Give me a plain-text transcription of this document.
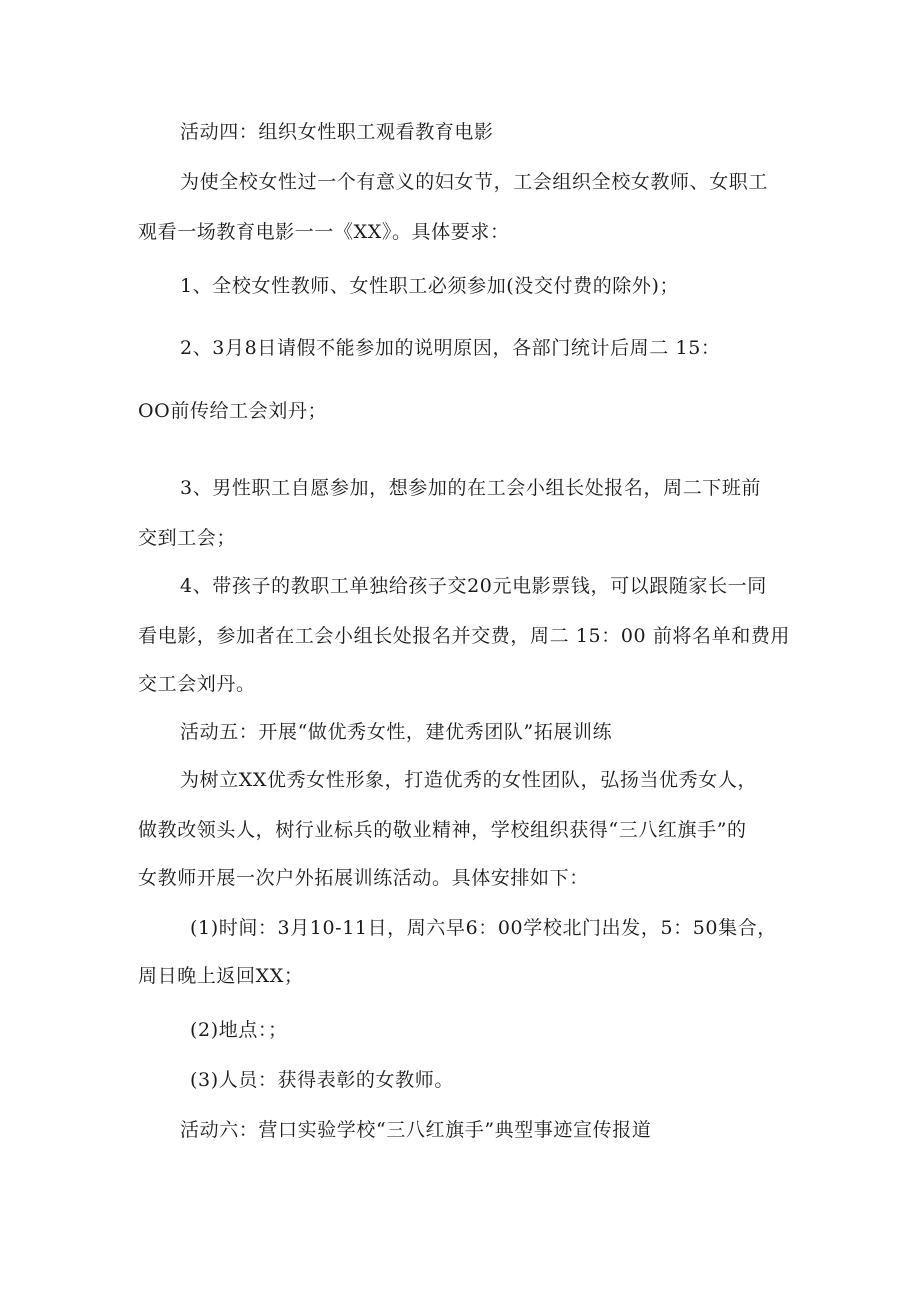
活动四：组织女性职工观看教育电影

为使全校女性过一个有意义的妇女节，工会组织全校女教师、女职工

观看一场教育电影一一《XX》。具体要求：

1、全校女性教师、女性职工必须参加(没交付费的除外)；

2、3月8日请假不能参加的说明原因，各部门统计后周二 15：

OO前传给工会刘丹；

3、男性职工自愿参加，想参加的在工会小组长处报名，周二下班前

交到工会；

4、带孩子的教职工单独给孩子交20元电影票钱，可以跟随家长一同

看电影，参加者在工会小组长处报名并交费，周二 15：00 前将名单和费用

交工会刘丹。

活动五：开展“做优秀女性，建优秀团队”拓展训练

为树立XX优秀女性形象，打造优秀的女性团队，弘扬当优秀女人，

做教改领头人，树行业标兵的敬业精神，学校组织获得“三八红旗手”的

女教师开展一次户外拓展训练活动。具体安排如下：

(1)时间：3月10-11日，周六早6：00学校北门出发，5：50集合，

周日晚上返回XX；

(2)地点：；

(3)人员：获得表彰的女教师。

活动六：营口实验学校“三八红旗手”典型事迹宣传报道
